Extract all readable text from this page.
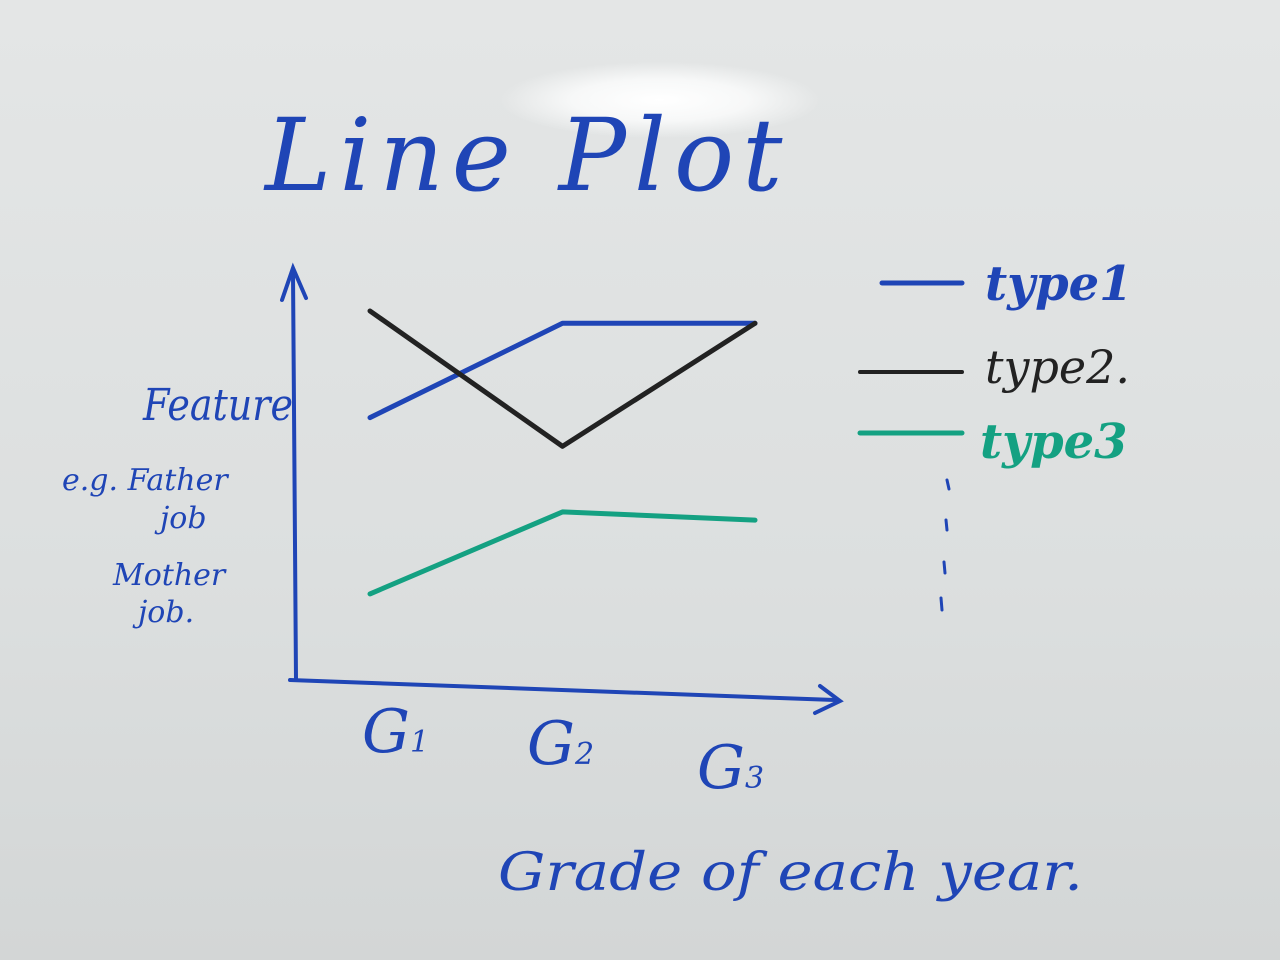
Line Plot
Feature
e.g. Father
job
Mother
job.
G1 G2 G3
Grade of each year.
type1
type2.
type3
